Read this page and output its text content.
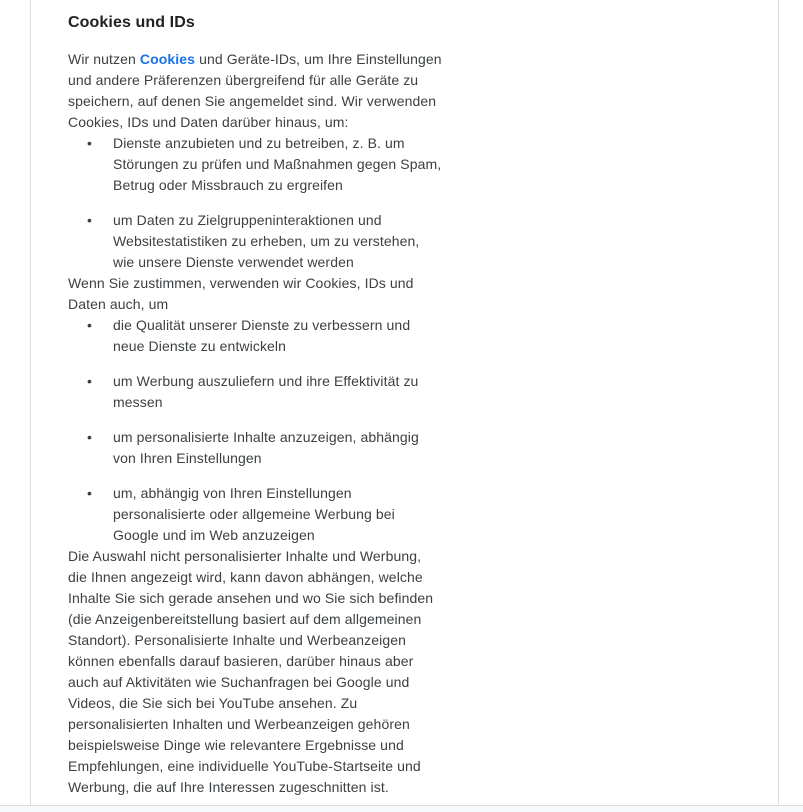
Cookies und IDs

Wir nutzen Cookies und Geräte-IDs, um Ihre Einstellungen und andere Präferenzen übergreifend für alle Geräte zu speichern, auf denen Sie angemeldet sind. Wir verwenden Cookies, IDs und Daten darüber hinaus, um:

• Dienste anzubieten und zu betreiben, z. B. um Störungen zu prüfen und Maßnahmen gegen Spam, Betrug oder Missbrauch zu ergreifen
• um Daten zu Zielgruppeninteraktionen und Websitestatistiken zu erheben, um zu verstehen, wie unsere Dienste verwendet werden

Wenn Sie zustimmen, verwenden wir Cookies, IDs und Daten auch, um

• die Qualität unserer Dienste zu verbessern und neue Dienste zu entwickeln
• um Werbung auszuliefern und ihre Effektivität zu messen
• um personalisierte Inhalte anzuzeigen, abhängig von Ihren Einstellungen
• um, abhängig von Ihren Einstellungen personalisierte oder allgemeine Werbung bei Google und im Web anzuzeigen

Die Auswahl nicht personalisierter Inhalte und Werbung, die Ihnen angezeigt wird, kann davon abhängen, welche Inhalte Sie sich gerade ansehen und wo Sie sich befinden (die Anzeigenbereitstellung basiert auf dem allgemeinen Standort). Personalisierte Inhalte und Werbeanzeigen können ebenfalls darauf basieren, darüber hinaus aber auch auf Aktivitäten wie Suchanfragen bei Google und Videos, die Sie sich bei YouTube ansehen. Zu personalisierten Inhalten und Werbeanzeigen gehören beispielsweise Dinge wie relevantere Ergebnisse und Empfehlungen, eine individuelle YouTube-Startseite und Werbung, die auf Ihre Interessen zugeschnitten ist.
